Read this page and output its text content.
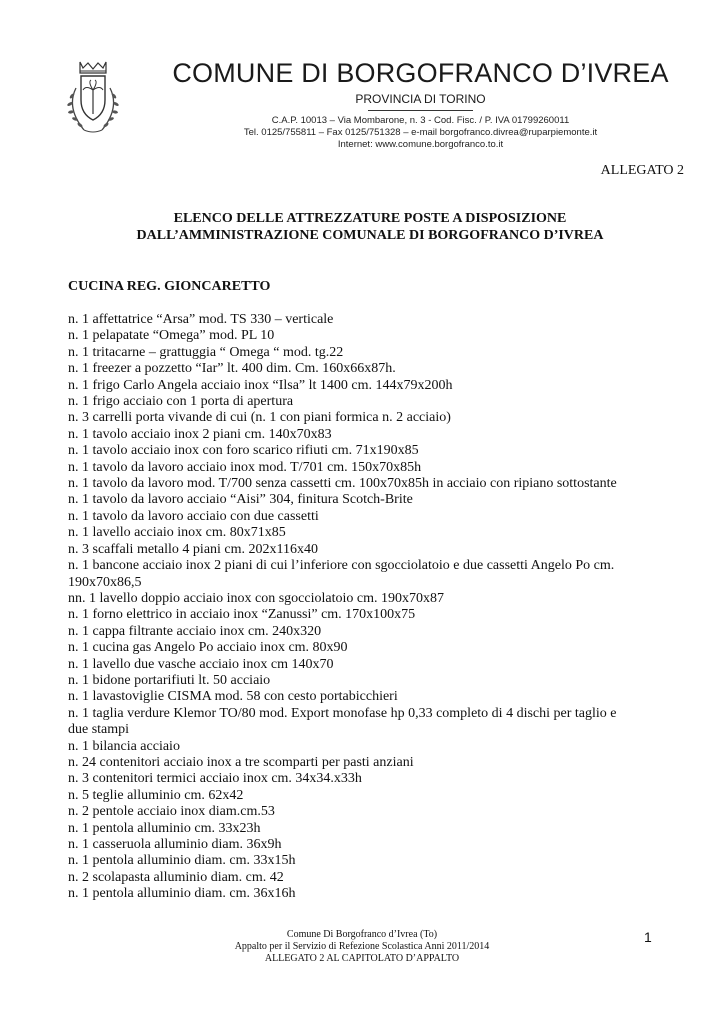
COMUNE DI BORGOFRANCO D’IVREA
PROVINCIA DI TORINO
C.A.P. 10013 – Via Mombarone, n. 3 - Cod. Fisc. / P. IVA 01799260011
Tel. 0125/755811 – Fax 0125/751328 – e-mail borgofranco.divrea@ruparpiemonte.it
Internet: www.comune.borgofranco.to.it
ALLEGATO 2
ELENCO DELLE ATTREZZATURE POSTE A DISPOSIZIONE
DALL’AMMINISTRAZIONE COMUNALE DI BORGOFRANCO D’IVREA
CUCINA REG. GIONCARETTO
n. 1 affettatrice “Arsa” mod. TS 330 – verticale
n. 1 pelapatate “Omega” mod. PL 10
n. 1 tritacarne – grattuggia “ Omega “ mod. tg.22
n. 1 freezer a pozzetto “Iar” lt. 400 dim. Cm. 160x66x87h.
n. 1 frigo Carlo Angela acciaio inox “Ilsa” lt 1400 cm. 144x79x200h
n. 1 frigo acciaio con 1 porta di apertura
n. 3 carrelli porta vivande di cui (n. 1 con piani formica n. 2 acciaio)
n. 1 tavolo acciaio inox 2 piani cm. 140x70x83
n. 1 tavolo acciaio inox con foro scarico rifiuti cm. 71x190x85
n. 1 tavolo da lavoro acciaio inox mod. T/701 cm. 150x70x85h
n. 1 tavolo da lavoro mod. T/700 senza cassetti cm. 100x70x85h in acciaio con ripiano sottostante
n. 1 tavolo da lavoro acciaio “Aisi” 304, finitura Scotch-Brite
n. 1 tavolo da lavoro acciaio con due cassetti
n. 1 lavello acciaio inox cm. 80x71x85
n. 3 scaffali metallo 4 piani cm. 202x116x40
n. 1 bancone acciaio inox 2 piani di cui l’inferiore con sgocciolatoio e due cassetti Angelo Po cm.
190x70x86,5
nn. 1 lavello doppio acciaio inox con sgocciolatoio cm. 190x70x87
n. 1 forno elettrico in acciaio inox “Zanussi” cm. 170x100x75
n. 1 cappa filtrante acciaio inox cm. 240x320
n. 1 cucina gas Angelo Po acciaio inox cm. 80x90
n. 1 lavello due vasche acciaio inox cm 140x70
n. 1 bidone portarifiuti lt. 50 acciaio
n. 1 lavastoviglie CISMA mod. 58 con cesto portabicchieri
n. 1 taglia verdure Klemor TO/80 mod. Export monofase hp 0,33 completo di 4 dischi per taglio e
due stampi
n. 1 bilancia acciaio
n. 24 contenitori acciaio inox a tre scomparti per pasti anziani
n. 3 contenitori termici acciaio inox cm. 34x34.x33h
n. 5 teglie alluminio cm. 62x42
n. 2 pentole acciaio inox diam.cm.53
n. 1 pentola alluminio cm. 33x23h
n. 1 casseruola alluminio diam. 36x9h
n. 1 pentola alluminio diam. cm. 33x15h
n. 2 scolapasta alluminio diam. cm. 42
n. 1 pentola alluminio diam. cm. 36x16h
Comune Di Borgofranco d’Ivrea (To)
Appalto per il Servizio di Refezione Scolastica Anni 2011/2014
ALLEGATO 2 AL CAPITOLATO D’APPALTO
1
